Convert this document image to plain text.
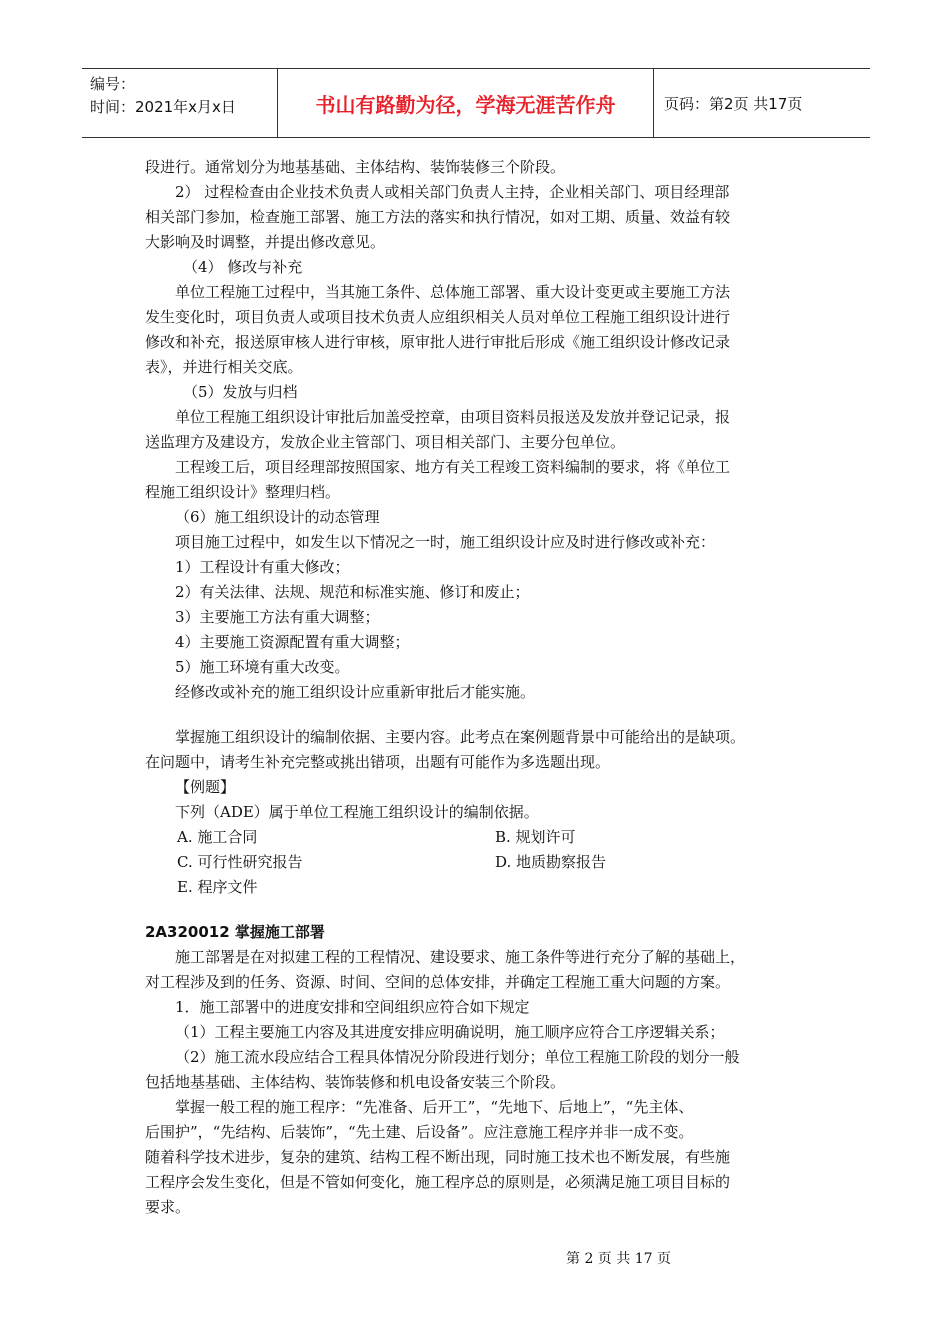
编号：
时间：2021年x月x日	书山有路勤为径，学海无涯苦作舟	页码：第2页 共17页
段进行。通常划分为地基基础、主体结构、装饰装修三个阶段。
2） 过程检查由企业技术负责人或相关部门负责人主持，企业相关部门、项目经理部
相关部门参加，检查施工部署、施工方法的落实和执行情况，如对工期、质量、效益有较
大影响及时调整，并提出修改意见。
（4） 修改与补充
单位工程施工过程中，当其施工条件、总体施工部署、重大设计变更或主要施工方法
发生变化时，项目负责人或项目技术负责人应组织相关人员对单位工程施工组织设计进行
修改和补充，报送原审核人进行审核，原审批人进行审批后形成《施工组织设计修改记录
表》，并进行相关交底。
（5）发放与归档
单位工程施工组织设计审批后加盖受控章，由项目资料员报送及发放并登记记录，报
送监理方及建设方，发放企业主管部门、项目相关部门、主要分包单位。
工程竣工后，项目经理部按照国家、地方有关工程竣工资料编制的要求，将《单位工
程施工组织设计》整理归档。
（6）施工组织设计的动态管理
项目施工过程中，如发生以下情况之一时，施工组织设计应及时进行修改或补充：
1）工程设计有重大修改；
2）有关法律、法规、规范和标准实施、修订和废止；
3）主要施工方法有重大调整；
4）主要施工资源配置有重大调整；
5）施工环境有重大改变。
经修改或补充的施工组织设计应重新审批后才能实施。
掌握施工组织设计的编制依据、主要内容。此考点在案例题背景中可能给出的是缺项。
在问题中，请考生补充完整或挑出错项，出题有可能作为多选题出现。
【例题】
下列（ADE）属于单位工程施工组织设计的编制依据。
A. 施工合同	B. 规划许可
C. 可行性研究报告	D. 地质勘察报告
E. 程序文件
2A320012 掌握施工部署
施工部署是在对拟建工程的工程情况、建设要求、施工条件等进行充分了解的基础上，
对工程涉及到的任务、资源、时间、空间的总体安排，并确定工程施工重大问题的方案。
1．施工部署中的进度安排和空间组织应符合如下规定
（1）工程主要施工内容及其进度安排应明确说明，施工顺序应符合工序逻辑关系；
（2）施工流水段应结合工程具体情况分阶段进行划分；单位工程施工阶段的划分一般
包括地基基础、主体结构、装饰装修和机电设备安装三个阶段。
掌握一般工程的施工程序：“先准备、后开工”，“先地下、后地上”，“先主体、
后围护”，“先结构、后装饰”，“先土建、后设备”。应注意施工程序并非一成不变。
随着科学技术进步，复杂的建筑、结构工程不断出现，同时施工技术也不断发展，有些施
工程序会发生变化，但是不管如何变化，施工程序总的原则是，必须满足施工项目目标的
要求。
第 2 页 共 17 页
